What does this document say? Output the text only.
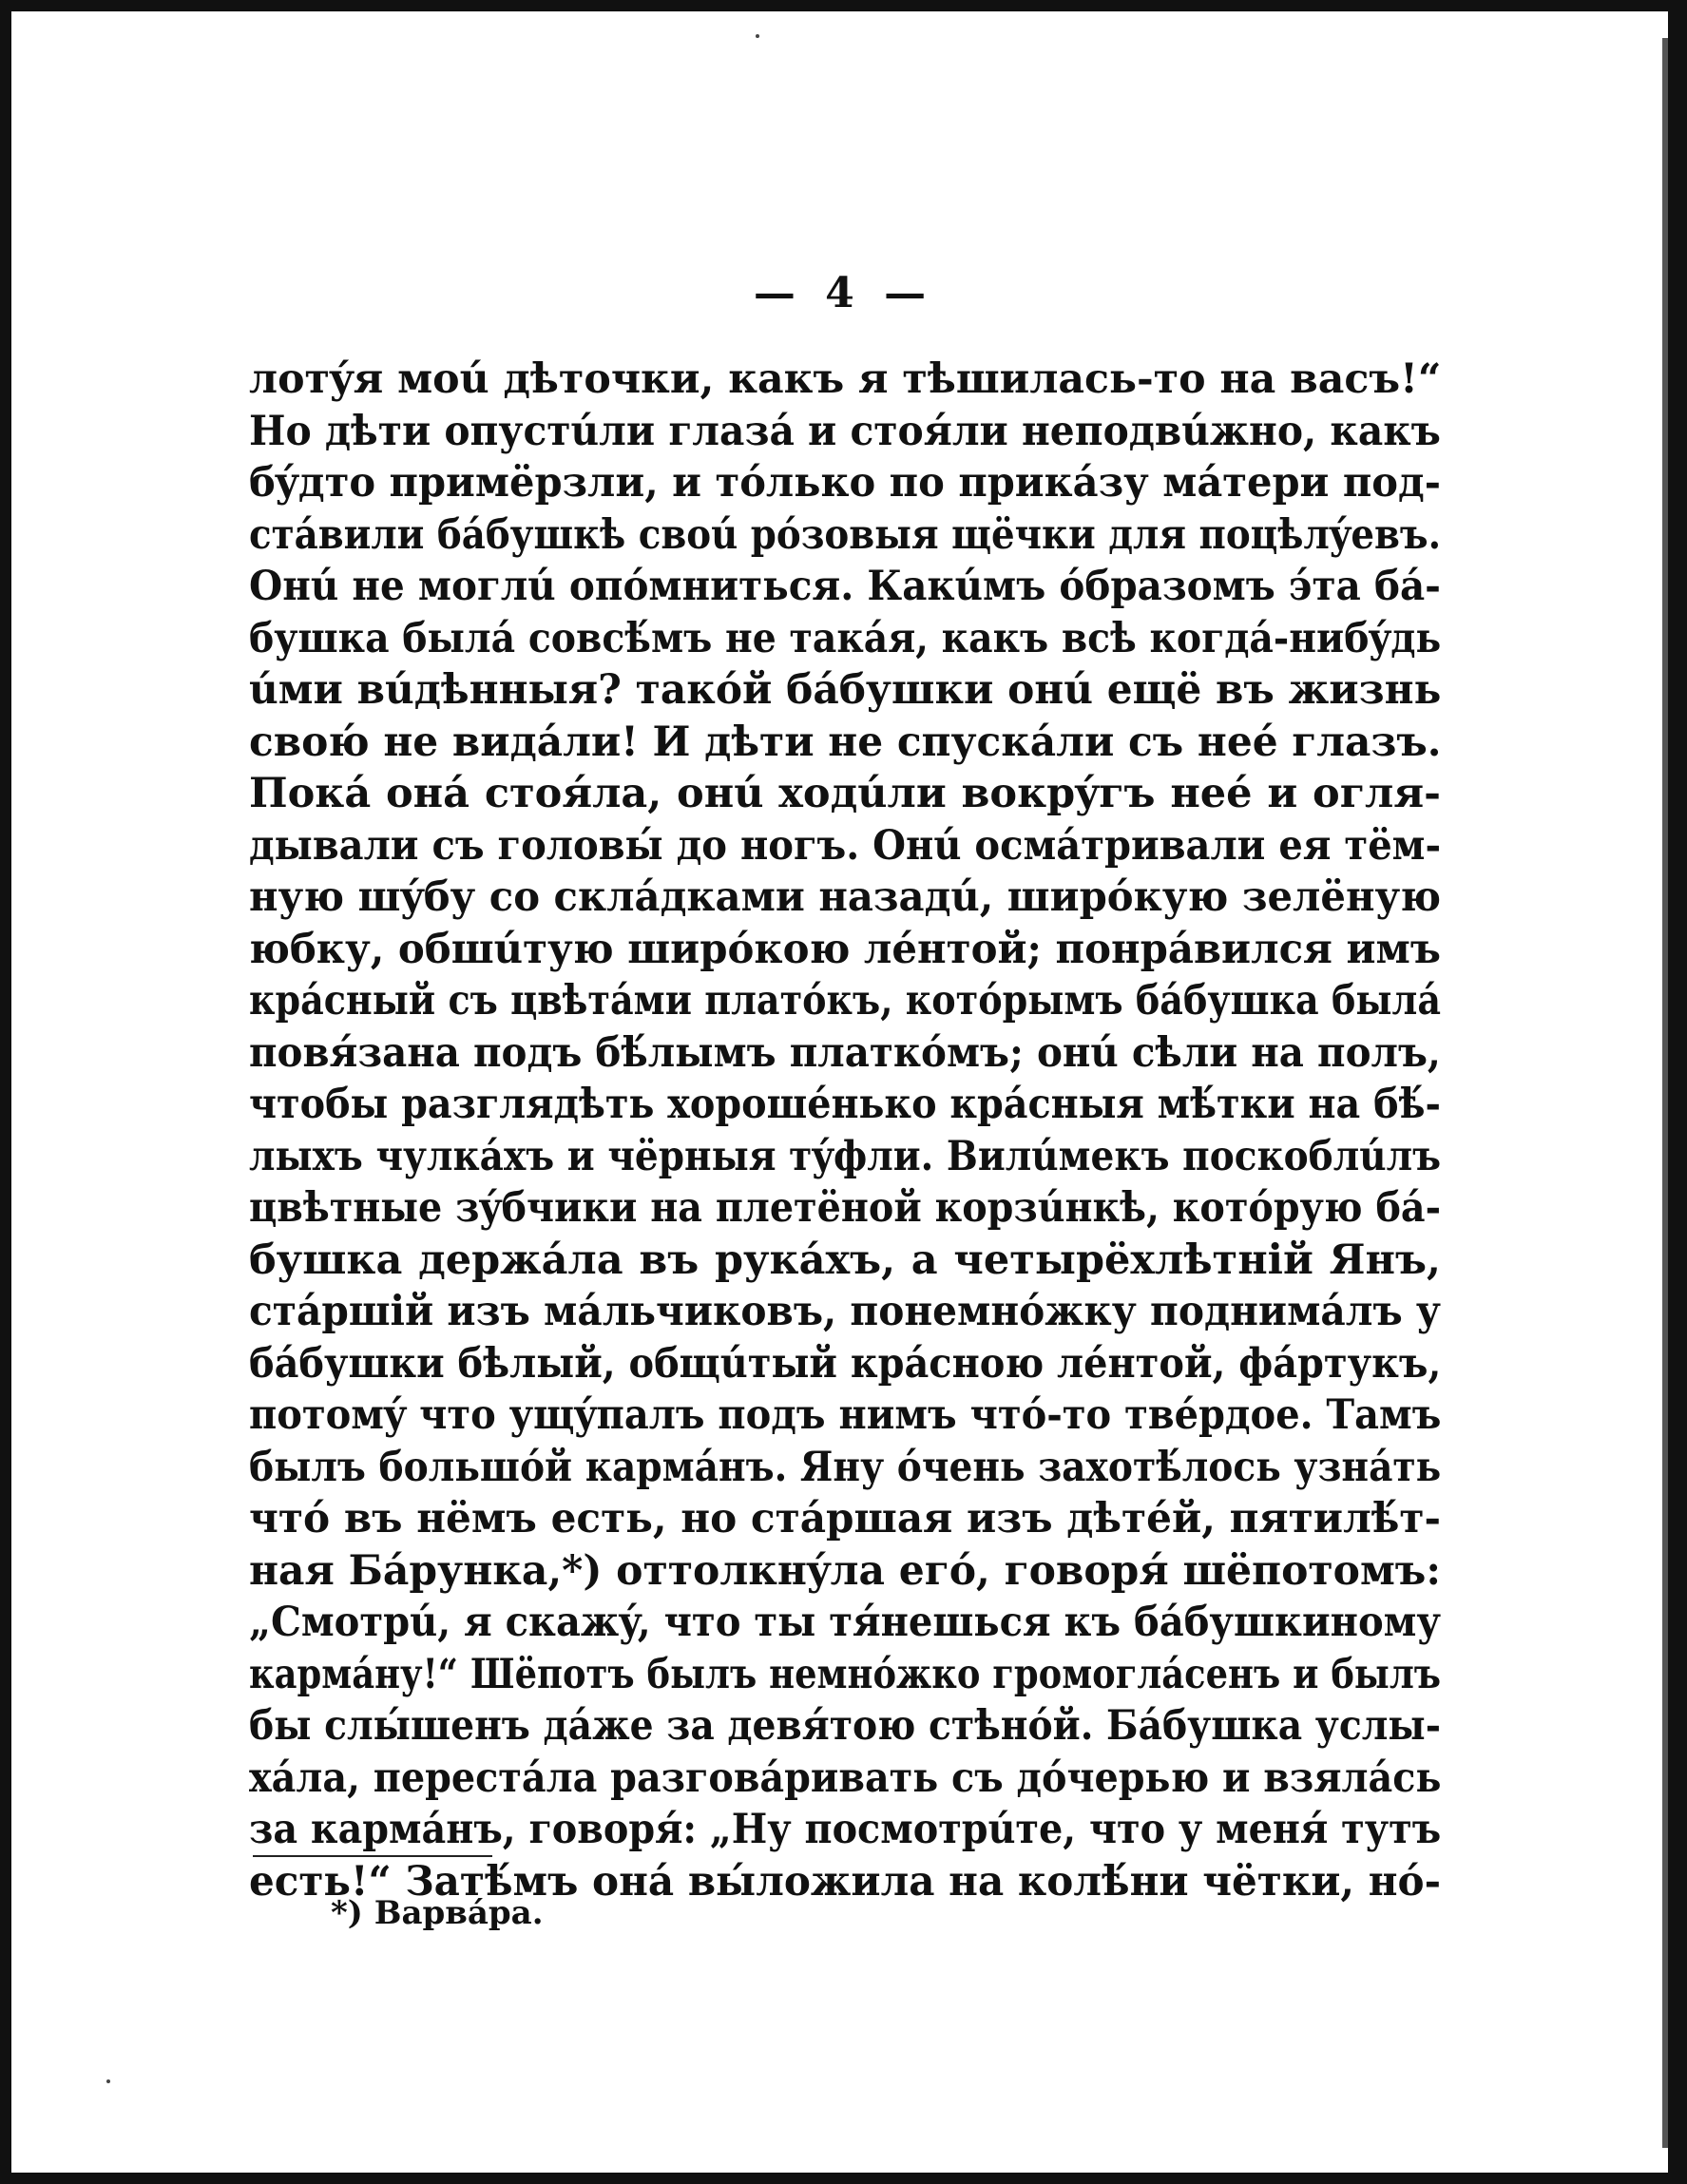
— 4 —
лотýя моú дѣточки, какъ я тѣшилась-то на васъ!“
Но дѣти опустúли глазá и стоя́ли неподвúжно, какъ
бýдто примёрзли, и тóлько по прикáзу мáтери под-
стáвили бáбушкѣ своú рóзовыя щёчки для поцѣлýевъ.
Онú не моглú опóмниться. Какúмъ óбразомъ э́та бá-
бушка былá совсѣ́мъ не такáя, какъ всѣ когдá-нибýдь
úми вúдѣнныя? такóй бáбушки онú ещё въ жизнь
свою́ не видáли! И дѣти не спускáли съ неé глазъ.
Покá онá стоя́ла, онú ходúли вокрýгъ неé и огля-
дывали съ головы́ до ногъ. Онú осмáтривали ея тём-
ную шýбу со склáдками назадú, ширóкую зелёную
юбку, обшúтую ширóкою лéнтой; понрáвился имъ
крáсный съ цвѣтáми платóкъ, котóрымъ бáбушка былá
повя́зана подъ бѣ́лымъ платкóмъ; онú сѣли на полъ,
чтобы разглядѣть хорошéнько крáсныя мѣ́тки на бѣ́-
лыхъ чулкáхъ и чёрныя тýфли. Вилúмекъ поскоблúлъ
цвѣтные зýбчики на плетёной корзúнкѣ, котóрую бá-
бушка держáла въ рукáхъ, а четырёхлѣтній Янъ,
стáршій изъ мáльчиковъ, понемнóжку поднимáлъ у
бáбушки бѣлый, общúтый крáсною лéнтой, фáртукъ,
потомý что ущýпалъ подъ нимъ чтó-то твéрдое. Тамъ
былъ большóй кармáнъ. Яну óчень захотѣ́лось узнáть
чтó въ нёмъ есть, но стáршая изъ дѣтéй, пятилѣ́т-
ная Бáрунка,*) оттолкнýла егó, говоря́ шёпотомъ:
„Смотрú, я скажý, что ты тя́нешься къ бáбушкиному
кармáну!“ Шёпотъ былъ немнóжко громоглáсенъ и былъ
бы слы́шенъ дáже за девя́тою стѣнóй. Бáбушка услы-
хáла, перестáла разговáривать съ дóчерью и взялáсь
за кармáнъ, говоря́: „Ну посмотрúте, что у меня́ тутъ
есть!“ Затѣ́мъ онá вы́ложила на колѣ́ни чётки, нó-
*) Варвáра.
